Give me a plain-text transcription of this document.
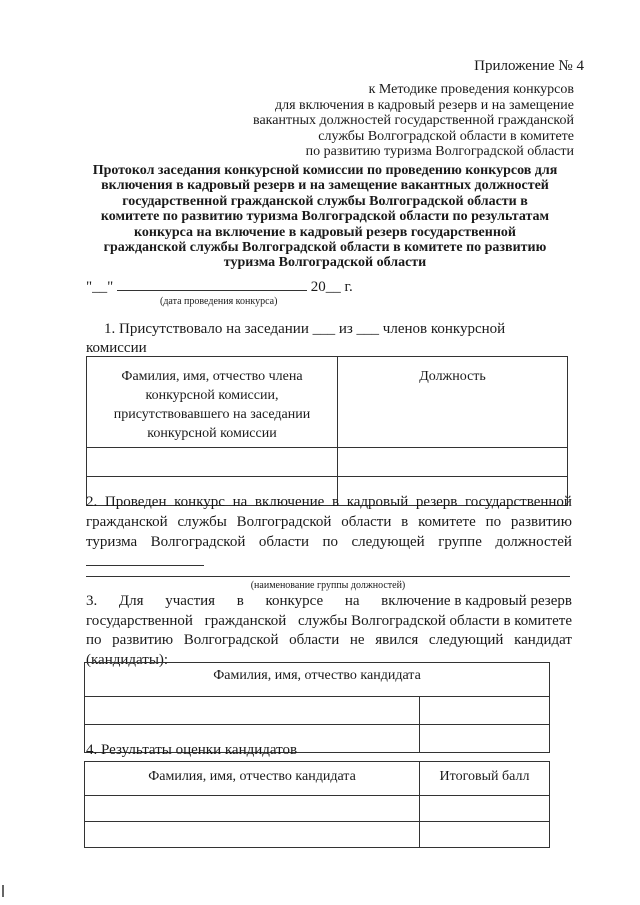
Приложение № 4
к Методике проведения конкурсов
для включения в кадровый резерв и на замещение
вакантных должностей государственной гражданской
службы Волгоградской области в комитете
по развитию туризма Волгоградской области
Протокол заседания конкурсной комиссии по проведению конкурсов для
включения в кадровый резерв и на замещение вакантных должностей
государственной гражданской службы Волгоградской области в
комитете по развитию туризма Волгоградской области по результатам
конкурса на включение в кадровый резерв государственной
гражданской службы Волгоградской области в комитете по развитию
туризма Волгоградской области
"__"	20__ г.
(дата проведения конкурса)
1. Присутствовало на заседании ___ из ___ членов конкурсной
комиссии
Фамилия, имя, отчество члена
конкурсной комиссии,
присутствовавшего на заседании
конкурсной комиссии	Должность

2. Проведен конкурс на включение в кадровый резерв государственной
гражданской службы Волгоградской области в комитете по развитию
туризма Волгоградской области по следующей группе должностей
(наименование группы должностей)
3. Для участия в конкурсе на включение в кадровый резерв
государственной гражданской службы Волгоградской области в комитете
по развитию Волгоградской области не явился следующий кандидат
(кандидаты):
Фамилия, имя, отчество кандидата	

4. Результаты оценки кандидатов
Фамилия, имя, отчество кандидата	Итоговый балл
